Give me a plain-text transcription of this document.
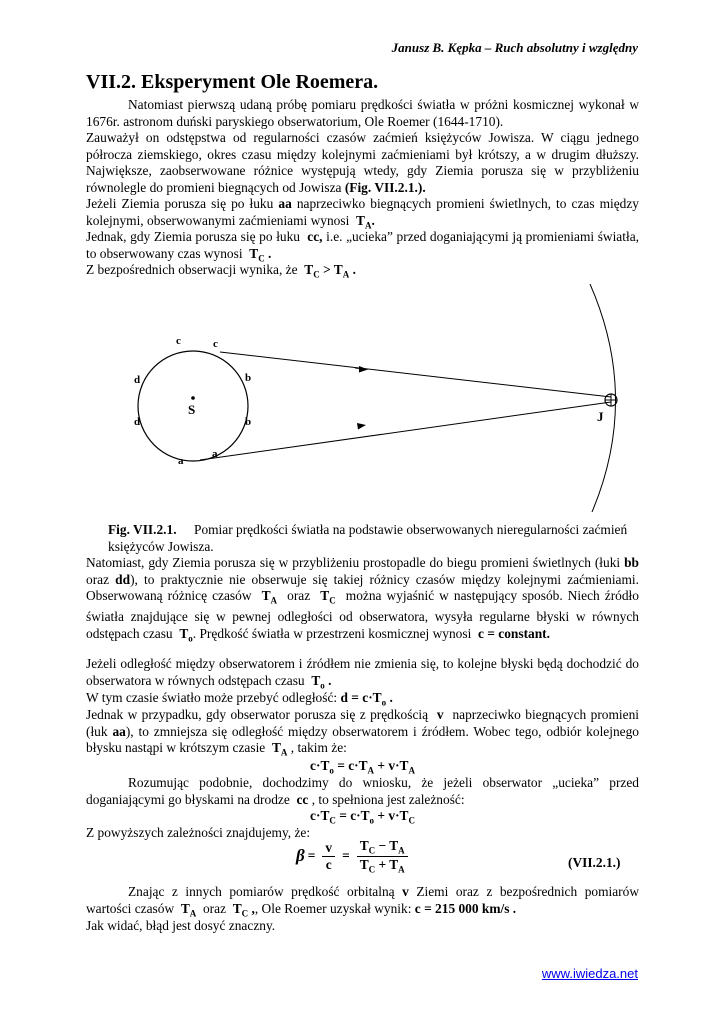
Janusz B. Kępka – Ruch absolutny i względny
VII.2. Eksperyment Ole Roemera.

Natomiast pierwszą udaną próbę pomiaru prędkości światła w próżni kosmicznej wykonał w 1676r. astronom duński paryskiego obserwatorium, Ole Roemer (1644-1710).

Zauważył on odstępstwa od regularności czasów zaćmień księżyców Jowisza. W ciągu jednego półrocza ziemskiego, okres czasu między kolejnymi zaćmieniami był krótszy, a w drugim dłuższy. Największe, zaobserwowane różnice występują wtedy, gdy Ziemia porusza się w przybliżeniu równolegle do promieni biegnących od Jowisza (Fig. VII.2.1.).

Jeżeli Ziemia porusza się po łuku aa naprzeciwko biegnących promieni świetlnych, to czas między kolejnymi, obserwowanymi zaćmieniami wynosi $T_A$.

Jednak, gdy Ziemia porusza się po łuku cc, i.e. „ucieka” przed doganiającymi ją promieniami światła, to obserwowany czas wynosi $T_C$ .

Z bezpośrednich obserwacji wynika, że $T_C > T_A$ .

c	c
d
d
b
b
a
a
S	J
Fig. VII.2.1. Pomiar prędkości światła na podstawie obserwowanych nieregularności zaćmień księżyców Jowisza.

Natomiast, gdy Ziemia porusza się w przybliżeniu prostopadle do biegu promieni świetlnych (łuki bb oraz dd), to praktycznie nie obserwuje się takiej różnicy czasów między kolejnymi zaćmieniami. Obserwowaną różnicę czasów $T_A$ oraz $T_C$ można wyjaśnić w następujący sposób. Niech źródło światła znajdujące się w pewnej odległości od obserwatora, wysyła regularne błyski w równych odstępach czasu $T_o$. Prędkość światła w przestrzeni kosmicznej wynosi c = constant.

Jeżeli odległość między obserwatorem i źródłem nie zmienia się, to kolejne błyski będą dochodzić do obserwatora w równych odstępach czasu $T_o$ .

W tym czasie światło może przebyć odległość: $d = c\cdot T_o$ .

Jednak w przypadku, gdy obserwator porusza się z prędkością v naprzeciwko biegnących promieni (łuk aa), to zmniejsza się odległość między obserwatorem i źródłem. Wobec tego, odbiór kolejnego błysku nastąpi w krótszym czasie $T_A$ , takim że:

$c\cdot T_o = c\cdot T_A + v\cdot T_A$

Rozumując podobnie, dochodzimy do wniosku, że jeżeli obserwator „ucieka” przed doganiającymi go błyskami na drodze cc , to spełniona jest zależność:

$c\cdot T_C = c\cdot T_o + v\cdot T_C$

Z powyższych zależności znajdujemy, że:

$\beta = \frac{v}{c} = \frac{T_C - T_A}{T_C + T_A}$	(VII.2.1.)

Znając z innych pomiarów prędkość orbitalną v Ziemi oraz z bezpośrednich pomiarów wartości czasów $T_A$ oraz $T_C$ ,, Ole Roemer uzyskał wynik: c = 215 000 km/s .

Jak widać, błąd jest dosyć znaczny.

www.iwiedza.net
